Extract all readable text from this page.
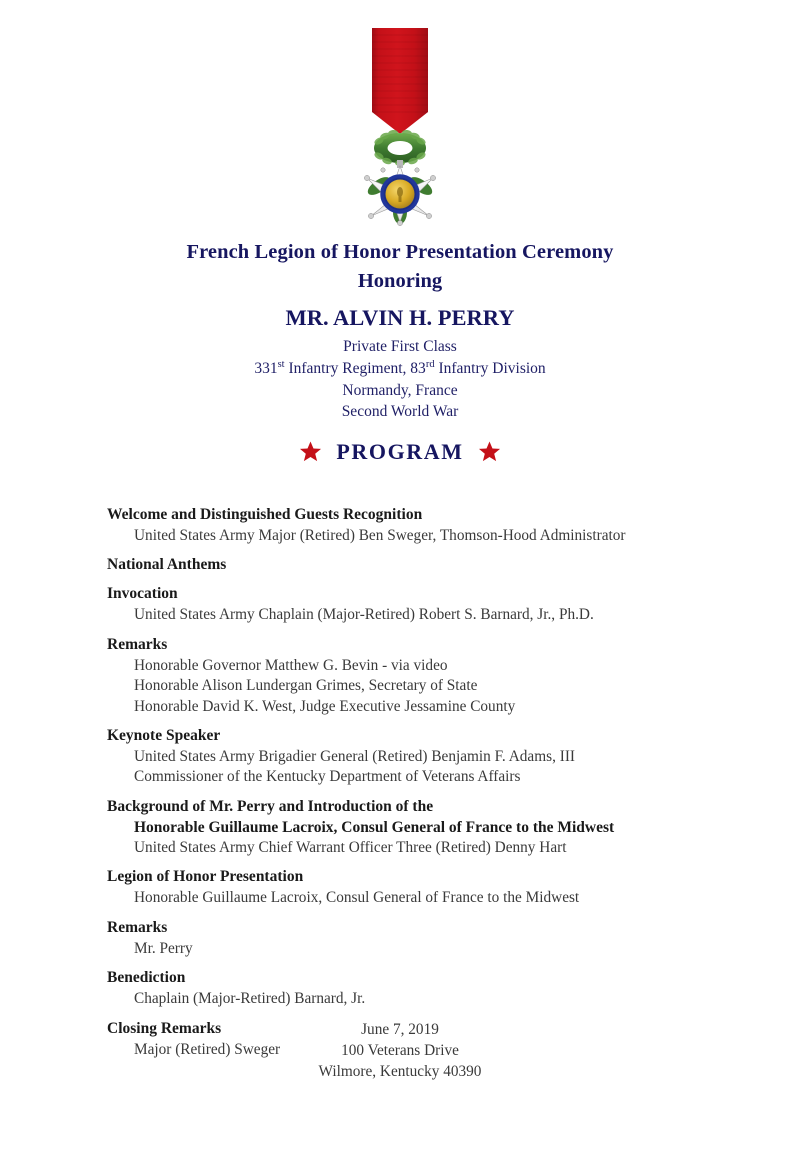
French Legion of Honor Presentation Ceremony
Honoring
MR. ALVIN H. PERRY
Private First Class
331st Infantry Regiment, 83rd Infantry Division
Normandy, France
Second World War
PROGRAM
Welcome and Distinguished Guests Recognition
United States Army Major (Retired) Ben Sweger, Thomson-Hood Administrator
National Anthems
Invocation
United States Army Chaplain (Major-Retired) Robert S. Barnard, Jr., Ph.D.
Remarks
Honorable Governor Matthew G. Bevin - via video
Honorable Alison Lundergan Grimes, Secretary of State
Honorable David K. West, Judge Executive Jessamine County
Keynote Speaker
United States Army Brigadier General (Retired) Benjamin F. Adams, III
Commissioner of the Kentucky Department of Veterans Affairs
Background of Mr. Perry and Introduction of the
Honorable Guillaume Lacroix, Consul General of France to the Midwest
United States Army Chief Warrant Officer Three (Retired) Denny Hart
Legion of Honor Presentation
Honorable Guillaume Lacroix, Consul General of France to the Midwest
Remarks
Mr. Perry
Benediction
Chaplain (Major-Retired) Barnard, Jr.
Closing Remarks
Major (Retired) Sweger
June 7, 2019
100 Veterans Drive
Wilmore, Kentucky 40390
